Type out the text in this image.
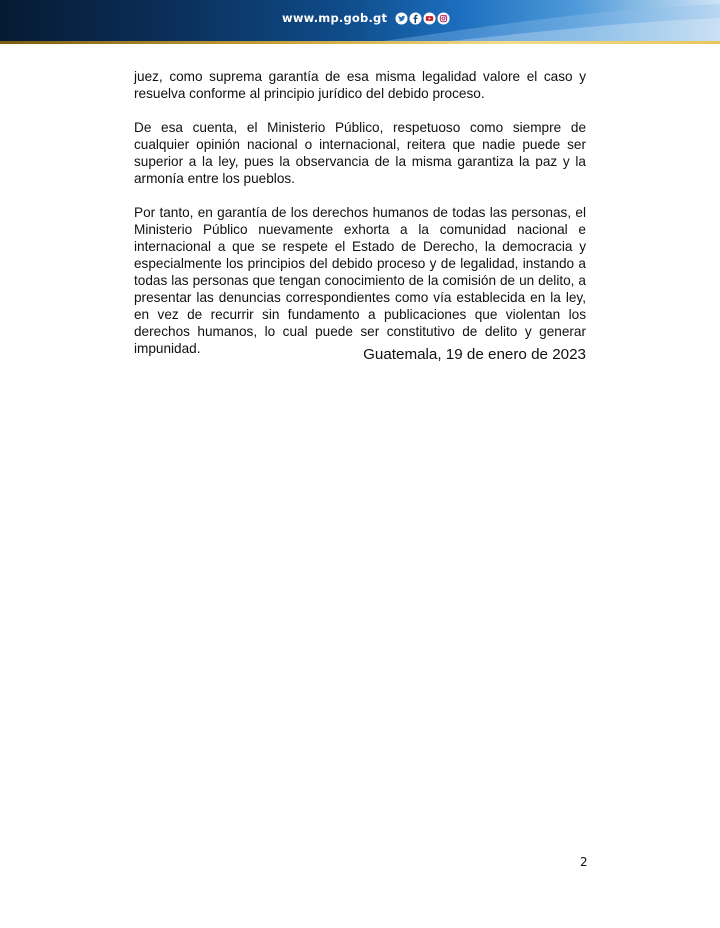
www.mp.gob.gt

juez, como suprema garantía de esa misma legalidad valore el caso y resuelva conforme al principio jurídico del debido proceso.

De esa cuenta, el Ministerio Público, respetuoso como siempre de cualquier opinión nacional o internacional, reitera que nadie puede ser superior a la ley, pues la observancia de la misma garantiza la paz y la armonía entre los pueblos.

Por tanto, en garantía de los derechos humanos de todas las personas, el Ministerio Público nuevamente exhorta a la comunidad nacional e internacional a que se respete el Estado de Derecho, la democracia y especialmente los principios del debido proceso y de legalidad, instando a todas las personas que tengan conocimiento de la comisión de un delito, a presentar las denuncias correspondientes como vía establecida en la ley, en vez de recurrir sin fundamento a publicaciones que violentan los derechos humanos, lo cual puede ser constitutivo de delito y generar impunidad.	Guatemala, 19 de enero de 2023
2
